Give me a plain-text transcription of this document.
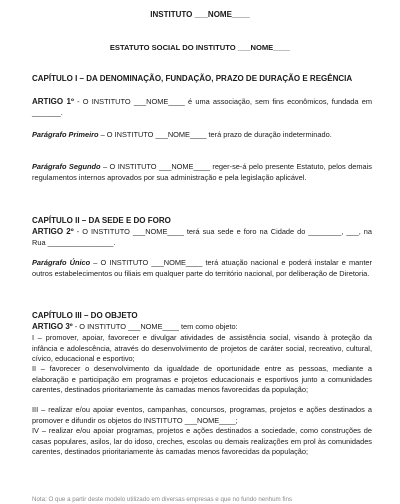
INSTITUTO ___NOME____

ESTATUTO SOCIAL DO INSTITUTO ___NOME____

CAPÍTULO I – DA DENOMINAÇÃO, FUNDAÇÃO, PRAZO DE DURAÇÃO E REGÊNCIA

ARTIGO 1º - O INSTITUTO ___NOME____ é uma associação, sem fins econômicos, fundada em _______.

Parágrafo Primeiro – O INSTITUTO ___NOME____ terá prazo de duração indeterminado.

Parágrafo Segundo – O INSTITUTO ___NOME____ reger-se-á pelo presente Estatuto, pelos demais regulamentos internos aprovados por sua administração e pela legislação aplicável.

CAPÍTULO II – DA SEDE E DO FORO

ARTIGO 2º - O INSTITUTO ___NOME____ terá sua sede e foro na Cidade do ________, ___, na Rua ________________.

Parágrafo Único – O INSTITUTO ___NOME____ terá atuação nacional e poderá instalar e manter outros estabelecimentos ou filiais em qualquer parte do território nacional, por deliberação de Diretoria.

CAPÍTULO III – DO OBJETO

ARTIGO 3º - O INSTITUTO ___NOME____ tem como objeto:

I – promover, apoiar, favorecer e divulgar atividades de assistência social, visando à proteção da infância e adolescência, através do desenvolvimento de projetos de caráter social, recreativo, cultural, cívico, educacional e esportivo;

II – favorecer o desenvolvimento da igualdade de oportunidade entre as pessoas, mediante a elaboração e participação em programas e projetos educacionais e esportivos junto a comunidades carentes, destinados prioritariamente às camadas menos favorecidas da população;

III – realizar e/ou apoiar eventos, campanhas, concursos, programas, projetos e ações destinados a promover e difundir os objetos do INSTITUTO ___NOME____;

IV – realizar e/ou apoiar programas, projetos e ações destinados a sociedade, como construções de casas populares, asilos, lar do idoso, creches, escolas ou demais realizações em prol às comunidades carentes, destinados prioritariamente às camadas menos favorecidas da população;

Nota: O que a partir deste modelo utilizado em diversas empresas e que no fundo nenhum fins
